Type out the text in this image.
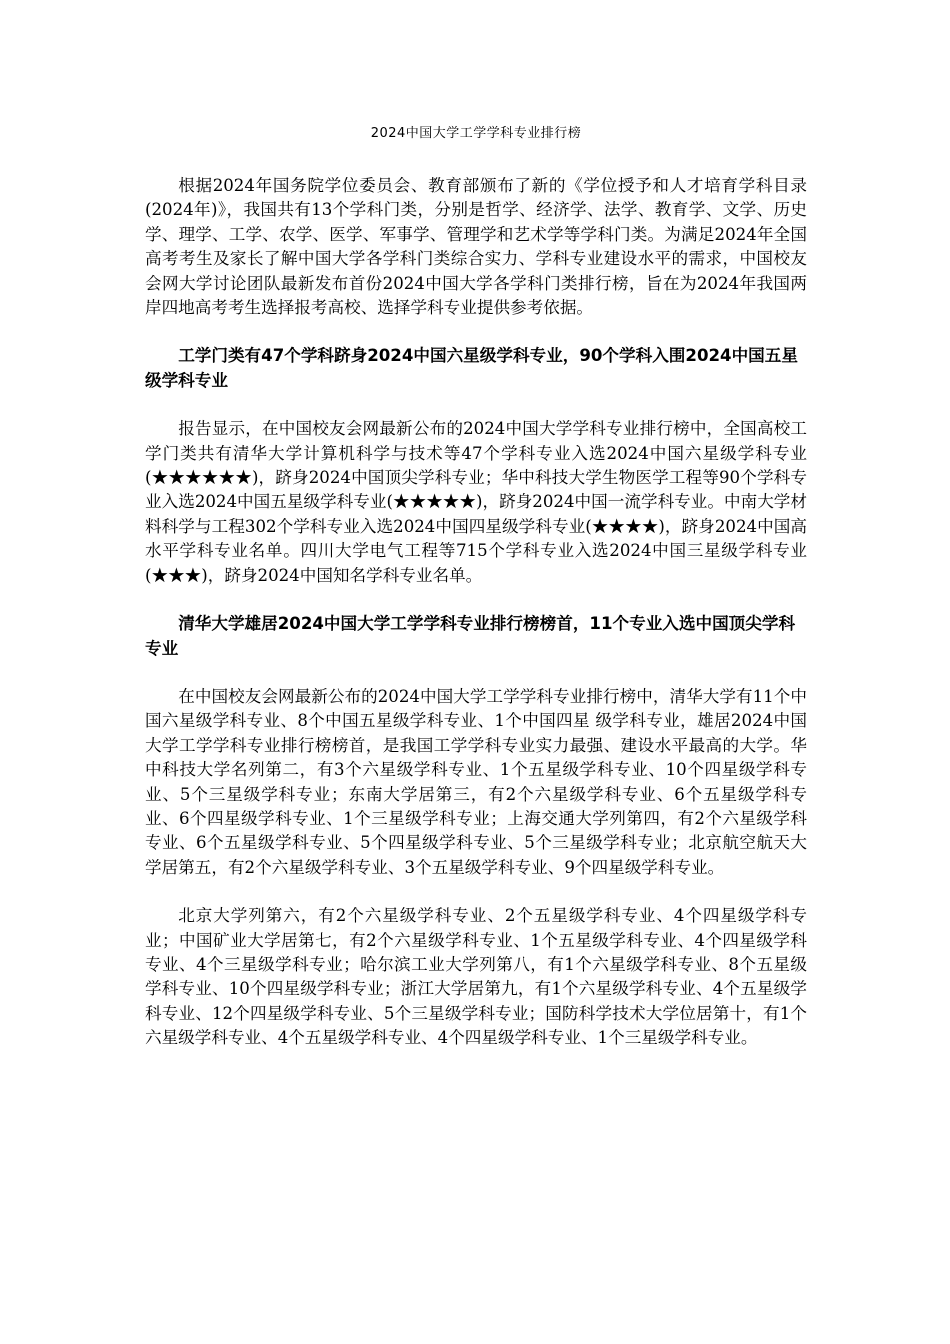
2024中国大学工学学科专业排行榜

根据2024年国务院学位委员会、教育部颁布了新的《学位授予和人才培育学科目录(2024年)》，我国共有13个学科门类，分别是哲学、经济学、法学、教育学、文学、历史学、理学、工学、农学、医学、军事学、管理学和艺术学等学科门类。为满足2024年全国高考考生及家长了解中国大学各学科门类综合实力、学科专业建设水平的需求，中国校友会网大学讨论团队最新发布首份2024中国大学各学科门类排行榜，旨在为2024年我国两岸四地高考考生选择报考高校、选择学科专业提供参考依据。

工学门类有47个学科跻身2024中国六星级学科专业，90个学科入围2024中国五星级学科专业

报告显示，在中国校友会网最新公布的2024中国大学学科专业排行榜中，全国高校工学门类共有清华大学计算机科学与技术等47个学科专业入选2024中国六星级学科专业(★★★★★★)，跻身2024中国顶尖学科专业；华中科技大学生物医学工程等90个学科专业入选2024中国五星级学科专业(★★★★★)，跻身2024中国一流学科专业。中南大学材料科学与工程302个学科专业入选2024中国四星级学科专业(★★★★)，跻身2024中国高水平学科专业名单。四川大学电气工程等715个学科专业入选2024中国三星级学科专业(★★★)，跻身2024中国知名学科专业名单。

清华大学雄居2024中国大学工学学科专业排行榜榜首，11个专业入选中国顶尖学科专业

在中国校友会网最新公布的2024中国大学工学学科专业排行榜中，清华大学有11个中国六星级学科专业、8个中国五星级学科专业、1个中国四星 级学科专业，雄居2024中国大学工学学科专业排行榜榜首，是我国工学学科专业实力最强、建设水平最高的大学。华中科技大学名列第二，有3个六星级学科专业、1个五星级学科专业、10个四星级学科专业、5个三星级学科专业；东南大学居第三，有2个六星级学科专业、6个五星级学科专业、6个四星级学科专业、1个三星级学科专业；上海交通大学列第四，有2个六星级学科专业、6个五星级学科专业、5个四星级学科专业、5个三星级学科专业；北京航空航天大学居第五，有2个六星级学科专业、3个五星级学科专业、9个四星级学科专业。

北京大学列第六，有2个六星级学科专业、2个五星级学科专业、4个四星级学科专业；中国矿业大学居第七，有2个六星级学科专业、1个五星级学科专业、4个四星级学科专业、4个三星级学科专业；哈尔滨工业大学列第八，有1个六星级学科专业、8个五星级学科专业、10个四星级学科专业；浙江大学居第九，有1个六星级学科专业、4个五星级学科专业、12个四星级学科专业、5个三星级学科专业；国防科学技术大学位居第十，有1个六星级学科专业、4个五星级学科专业、4个四星级学科专业、1个三星级学科专业。
